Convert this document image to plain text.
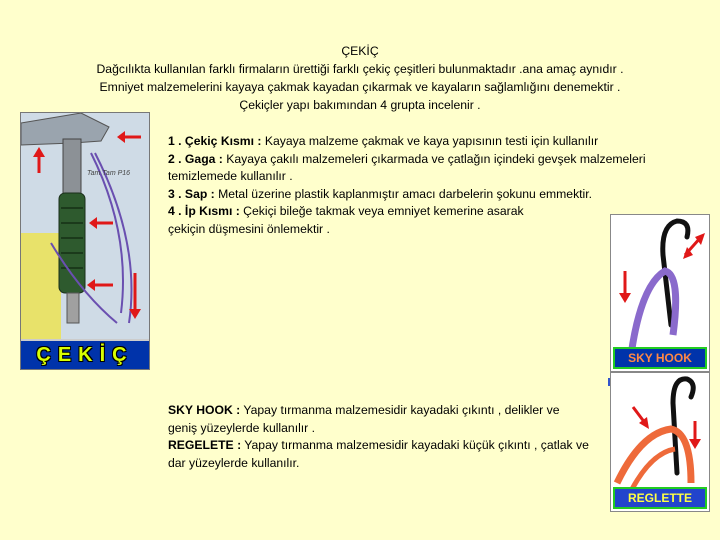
ÇEKİÇ
Dağcılıkta kullanılan farklı firmaların ürettiği farklı çekiç çeşitleri bulunmaktadır .ana amaç aynıdır .
Emniyet malzemelerini kayaya çakmak kayadan çıkarmak ve kayaların sağlamlığını denemektir .
Çekiçler yapı bakımından 4 grupta incelenir .
Tam Tam P16
ÇEKİÇ

1 . Çekiç Kısmı : Kayaya malzeme çakmak ve kaya yapısının testi için kullanılır

2 . Gaga : Kayaya çakılı malzemeleri çıkarmada ve çatlağın içindeki gevşek malzemeleri temizlemede kullanılır .

3 . Sap : Metal üzerine plastik kaplanmıştır amacı darbelerin şokunu emmektir.

4 . İp Kısmı : Çekiçi bileğe takmak veya emniyet kemerine asarak çekiçin düşmesini önlemektir .

SKY HOOK
REGLETTE

SKY HOOK : Yapay tırmanma malzemesidir kayadaki çıkıntı , delikler ve geniş yüzeylerde kullanılır .

REGELETE : Yapay tırmanma malzemesidir kayadaki küçük çıkıntı , çatlak ve dar yüzeylerde kullanılır.
